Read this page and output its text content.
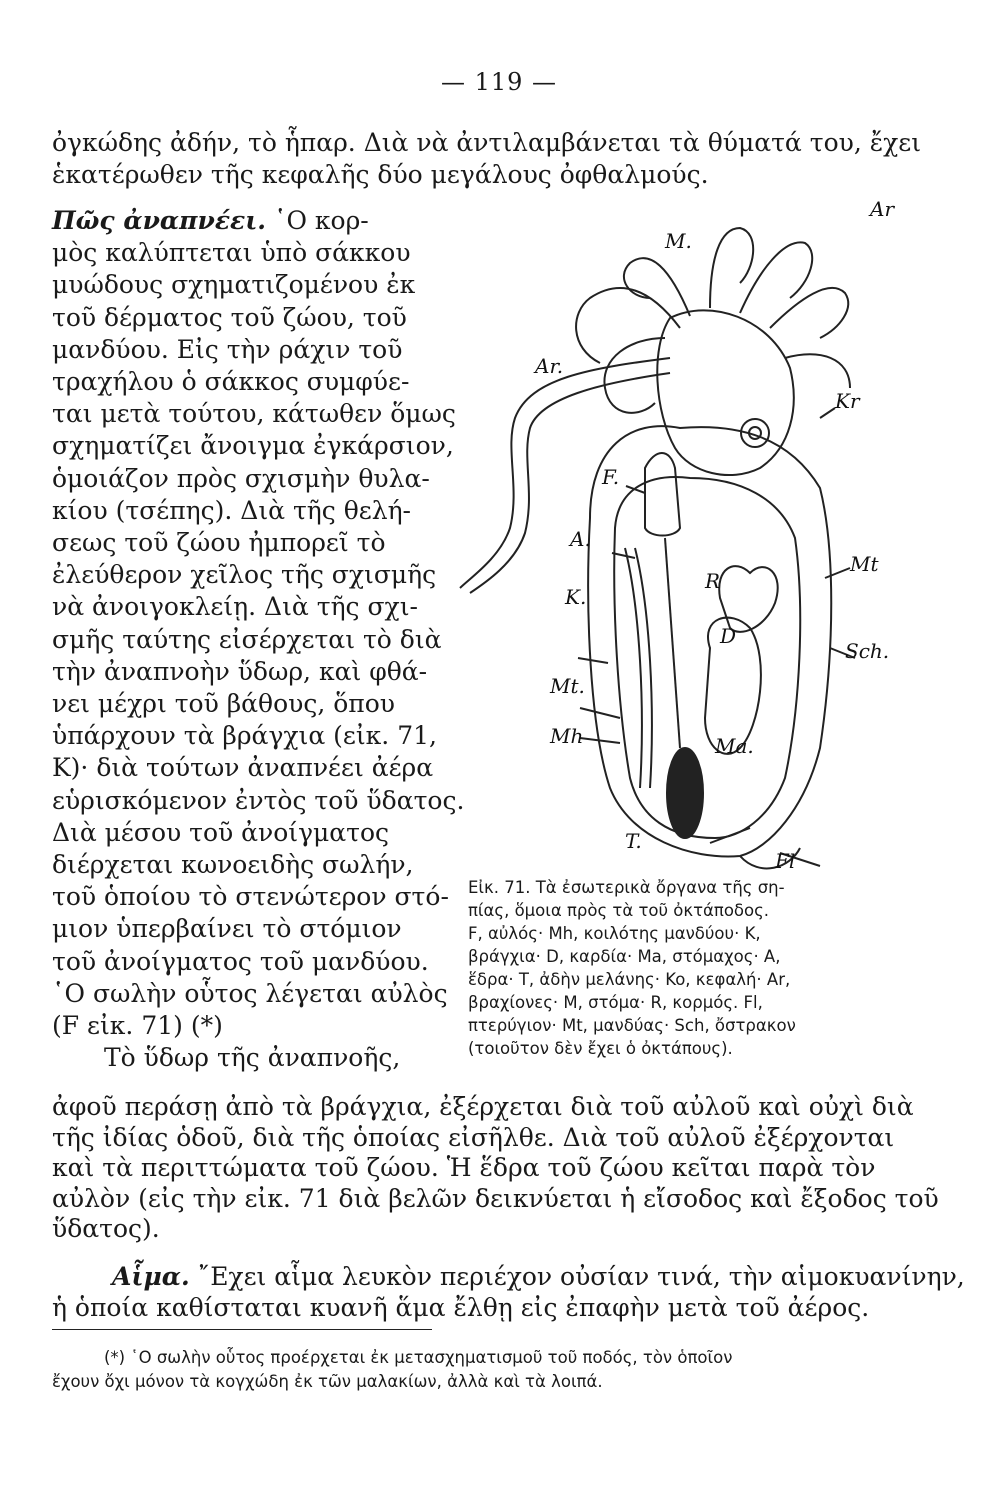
— 119 —
ὀγκώδης ἀδήν, τὸ ἧπαρ. Διὰ νὰ ἀντιλαμβάνεται τὰ θύματά του, ἔχει
ἑκατέρωθεν τῆς κεφαλῆς δύο μεγάλους ὀφθαλμούς.
Πῶς ἀναπνέει. ῾Ο κορ-
μὸς καλύπτεται ὑπὸ σάκκου
μυώδους σχηματιζομένου ἐκ
τοῦ δέρματος τοῦ ζώου, τοῦ
μανδύου. Εἰς τὴν ράχιν τοῦ
τραχήλου ὁ σάκκος συμφύε-
ται μετὰ τούτου, κάτωθεν ὅμως
σχηματίζει ἄνοιγμα ἐγκάρσιον,
ὁμοιάζον πρὸς σχισμὴν θυλα-
κίου (τσέπης). Διὰ τῆς θελή-
σεως τοῦ ζώου ἠμπορεῖ τὸ
ἐλεύθερον χεῖλος τῆς σχισμῆς
νὰ ἀνοιγοκλείῃ. Διὰ τῆς σχι-
σμῆς ταύτης εἰσέρχεται τὸ διὰ
τὴν ἀναπνοὴν ὕδωρ, καὶ φθά-
νει μέχρι τοῦ βάθους, ὅπου
ὑπάρχουν τὰ βράγχια (εἰκ. 71,
Κ)· διὰ τούτων ἀναπνέει ἀέρα
εὑρισκόμενον ἐντὸς τοῦ ὕδατος.
Διὰ μέσου τοῦ ἀνοίγματος
διέρχεται κωνοειδὴς σωλήν,
τοῦ ὁποίου τὸ στενώτερον στό-
μιον ὑπερβαίνει τὸ στόμιον
τοῦ ἀνοίγματος τοῦ μανδύου.
῾Ο σωλὴν οὗτος λέγεται αὐλὸς
(F εἰκ. 71) (*)
Τὸ ὕδωρ τῆς ἀναπνοῆς,
Ar
M.
Ar.
Kr
F.
A.
R
K.
Mt
D
Sch.
Mt.
Mh	Ma.
T.
Fl
Εἰκ. 71. Τὰ ἐσωτερικὰ ὄργανα τῆς ση-
πίας, ὅμοια πρὸς τὰ τοῦ ὀκτάποδος.
F, αὐλός· Mh, κοιλότης μανδύου· K,
βράγχια· D, καρδία· Ma, στόμαχος· A,
ἕδρα· T, ἀδὴν μελάνης· Ko, κεφαλή· Ar,
βραχίονες· M, στόμα· R, κορμός. Fl,
πτερύγιον· Mt, μανδύας· Sch, ὄστρακον
(τοιοῦτον δὲν ἔχει ὁ ὀκτάπους).
ἀφοῦ περάσῃ ἀπὸ τὰ βράγχια, ἐξέρχεται διὰ τοῦ αὐλοῦ καὶ οὐχὶ διὰ
τῆς ἰδίας ὁδοῦ, διὰ τῆς ὁποίας εἰσῆλθε. Διὰ τοῦ αὐλοῦ ἐξέρχονται
καὶ τὰ περιττώματα τοῦ ζώου. Ἡ ἕδρα τοῦ ζώου κεῖται παρὰ τὸν
αὐλὸν (εἰς τὴν εἰκ. 71 διὰ βελῶν δεικνύεται ἡ εἴσοδος καὶ ἔξοδος τοῦ
ὕδατος).
Αἷμα. ῎Εχει αἷμα λευκὸν περιέχον οὐσίαν τινά, τὴν αἱμοκυανίνην,
ἡ ὁποία καθίσταται κυανῆ ἅμα ἔλθῃ εἰς ἐπαφὴν μετὰ τοῦ ἀέρος.
(*) ῾Ο σωλὴν οὗτος προέρχεται ἐκ μετασχηματισμοῦ τοῦ ποδός, τὸν ὁποῖον
ἔχουν ὄχι μόνον τὰ κογχώδη ἐκ τῶν μαλακίων, ἀλλὰ καὶ τὰ λοιπά.
